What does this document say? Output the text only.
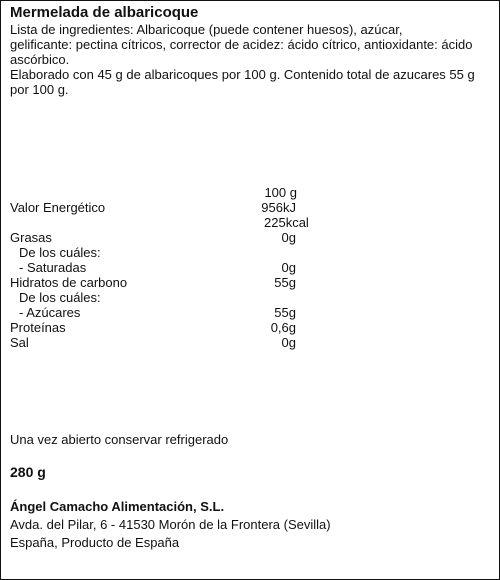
Mermelada de albaricoque

Lista de ingredientes: Albaricoque (puede contener huesos), azúcar,

gelificante: pectina cítricos, corrector de acidez: ácido cítrico, antioxidante: ácido

ascórbico.

Elaborado con 45 g de albaricoques por 100 g. Contenido total de azucares 55 g

por 100 g.

100 g
Valor Energético	956kJ
225kcal
Grasas	0g
De los cuáles:
- Saturadas	0g
Hidratos de carbono	55g
De los cuáles:
- Azúcares	55g
Proteínas	0,6g
Sal	0g
Una vez abierto conservar refrigerado
280 g
Ángel Camacho Alimentación, S.L.
Avda. del Pilar, 6 - 41530 Morón de la Frontera (Sevilla)
España, Producto de España
